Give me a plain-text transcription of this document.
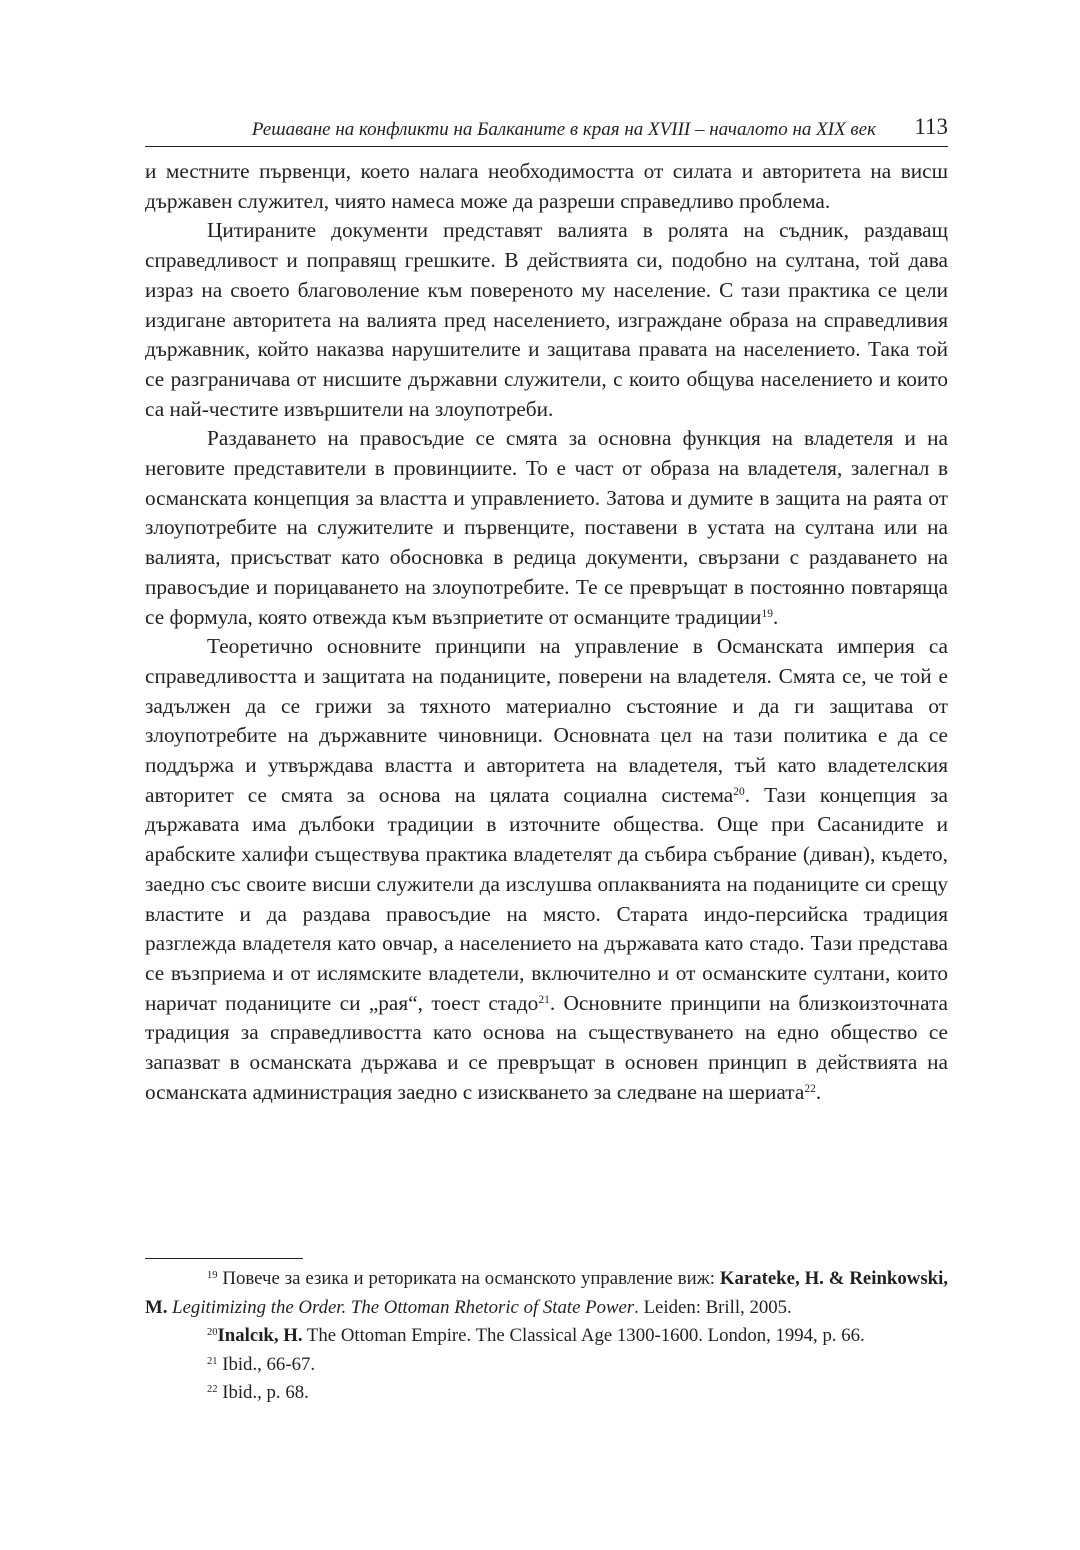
Решаване на конфликти на Балканите в края на XVIII – началото на XIX век 113

и местните първенци, което налага необходимостта от силата и авторитета на висш държавен служител, чиято намеса може да разреши справедливо проблема.

Цитираните документи представят валията в ролята на съдник, раздаващ справедливост и поправящ грешките. В действията си, подобно на султана, той дава израз на своето благоволение към повереното му население. С тази практика се цели издигане авторитета на валията пред населението, изграждане образа на справедливия държавник, който наказва нарушителите и защитава правата на населението. Така той се разграничава от нисшите държавни служители, с които общува населението и които са най-честите извършители на злоупотреби.

Раздаването на правосъдие се смята за основна функция на владетеля и на неговите представители в провинциите. То е част от образа на владетеля, залегнал в османската концепция за властта и управлението. Затова и думите в защита на раята от злоупотребите на служителите и първенците, поставени в устата на султана или на валията, присъстват като обосновка в редица документи, свързани с раздаването на правосъдие и порицаването на злоупотребите. Те се превръщат в постоянно повтаряща се формула, която отвежда към възприетите от османците традиции$^{19}$.

Теоретично основните принципи на управление в Османската империя са справедливостта и защитата на поданиците, поверени на владетеля. Смята се, че той е задължен да се грижи за тяхното материално състояние и да ги защитава от злоупотребите на държавните чиновници. Основната цел на тази политика е да се поддържа и утвърждава властта и авторитета на владетеля, тъй като владетелския авторитет се смята за основа на цялата социална система$^{20}$. Тази концепция за държавата има дълбоки традиции в източните общества. Още при Сасанидите и арабските халифи съществува практика владетелят да събира събрание (диван), където, заедно със своите висши служители да изслушва оплакванията на поданиците си срещу властите и да раздава правосъдие на място. Старата индо-персийска традиция разглежда владетеля като овчар, а населението на държавата като стадо. Тази представа се възприема и от ислямските владетели, включително и от османските султани, които наричат поданиците си „рая“, тоест стадо$^{21}$. Основните принципи на близкоизточната традиция за справедливостта като основа на съществуването на едно общество се запазват в османската държава и се превръщат в основен принцип в действията на османската администрация заедно с изискването за следване на шериата$^{22}$.

$^{19}$ Повече за езика и реториката на османското управление виж: Karateke, H. & Reinkowski, M. Legitimizing the Order. The Ottoman Rhetoric of State Power. Leiden: Brill, 2005.

$^{20}$Inalcık, H. The Ottoman Empire. The Classical Age 1300-1600. London, 1994, p. 66.

$^{21}$ Ibid., 66-67.

$^{22}$ Ibid., p. 68.
